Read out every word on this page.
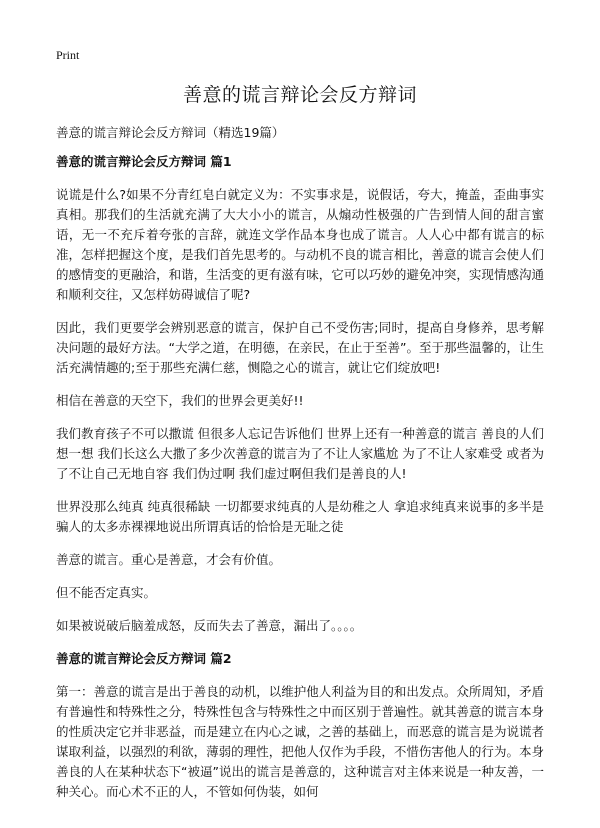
Print
善意的谎言辩论会反方辩词
善意的谎言辩论会反方辩词（精选19篇）
善意的谎言辩论会反方辩词 篇1

说谎是什么?如果不分青红皂白就定义为：不实事求是，说假话，夸大，掩盖，歪曲事实真相。那我们的生活就充满了大大小小的谎言，从煽动性极强的广告到情人间的甜言蜜语，无一不充斥着夸张的言辞，就连文学作品本身也成了谎言。人人心中都有谎言的标准，怎样把握这个度，是我们首先思考的。与动机不良的谎言相比，善意的谎言会使人们的感情变的更融洽，和谐，生活变的更有滋有味，它可以巧妙的避免冲突，实现情感沟通和顺利交往，又怎样妨碍诚信了呢?

因此，我们更要学会辨别恶意的谎言，保护自己不受伤害;同时，提高自身修养，思考解决问题的最好方法。“大学之道，在明德，在亲民，在止于至善”。至于那些温馨的，让生活充满情趣的;至于那些充满仁慈，恻隐之心的谎言，就让它们绽放吧!

相信在善意的天空下，我们的世界会更美好!!

我们教育孩子不可以撒谎 但很多人忘记告诉他们 世界上还有一种善意的谎言 善良的人们想一想 我们长这么大撒了多少次善意的谎言为了不让人家尴尬 为了不让人家难受 或者为了不让自己无地自容 我们伪过啊 我们虚过啊但我们是善良的人!

世界没那么纯真 纯真很稀缺 一切都要求纯真的人是幼稚之人 拿追求纯真来说事的多半是骗人的太多赤裸裸地说出所谓真话的恰恰是无耻之徒

善意的谎言。重心是善意，才会有价值。

但不能否定真实。

如果被说破后脑羞成怒，反而失去了善意，漏出了。。。。

善意的谎言辩论会反方辩词 篇2

第一：善意的谎言是出于善良的动机，以维护他人利益为目的和出发点。众所周知，矛盾有普遍性和特殊性之分，特殊性包含与特殊性之中而区别于普遍性。就其善意的谎言本身的性质决定它并非恶益，而是建立在内心之诚，之善的基础上，而恶意的谎言是为说谎者谋取利益，以强烈的利欲，薄弱的理性，把他人仅作为手段，不惜伤害他人的行为。本身善良的人在某种状态下“被逼”说出的谎言是善意的，这种谎言对主体来说是一种友善，一种关心。而心术不正的人，不管如何伪装，如何
